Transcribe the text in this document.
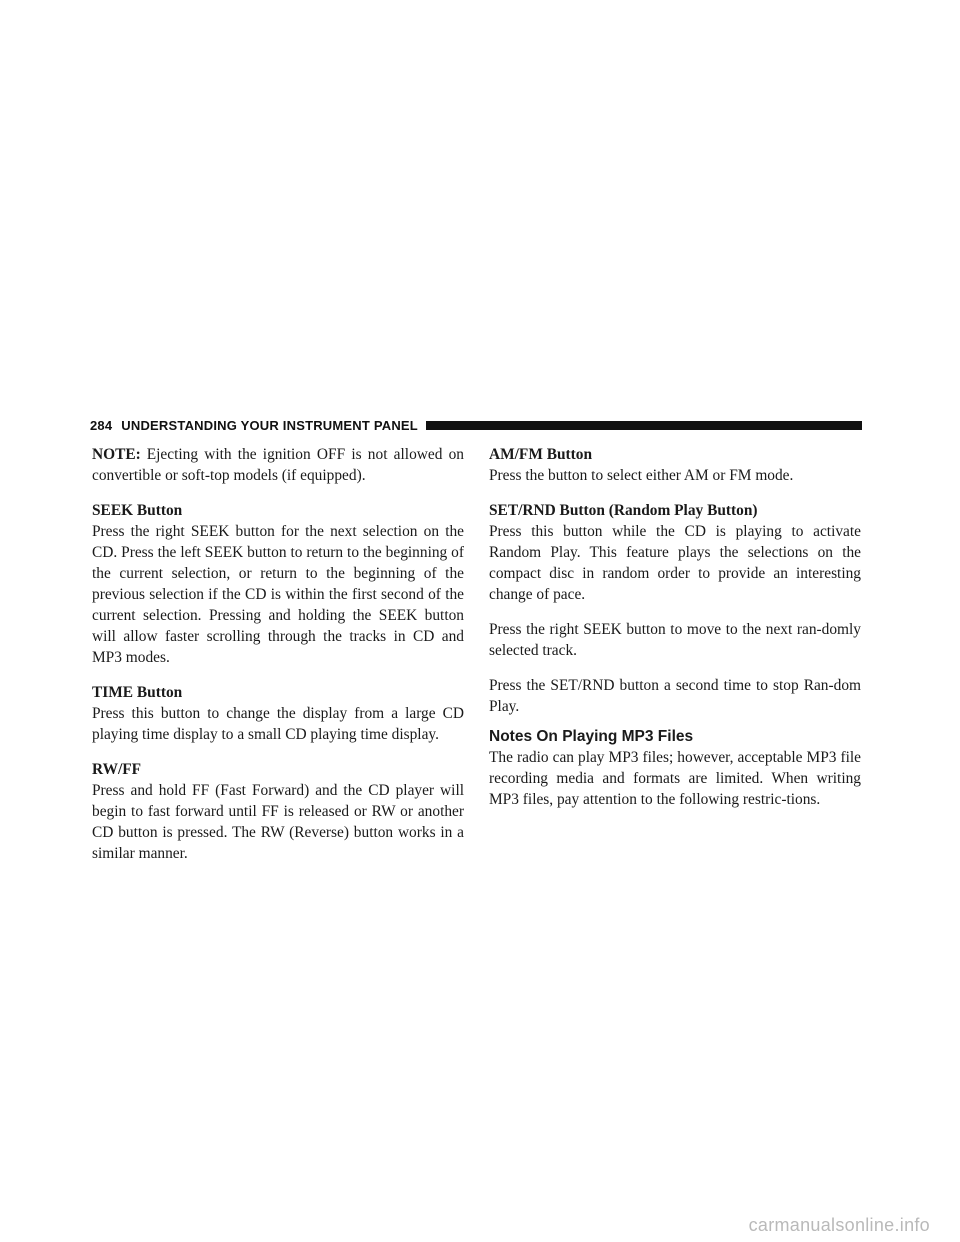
284 UNDERSTANDING YOUR INSTRUMENT PANEL

NOTE: Ejecting with the ignition OFF is not allowed on convertible or soft-top models (if equipped).

SEEK Button

Press the right SEEK button for the next selection on the CD. Press the left SEEK button to return to the beginning of the current selection, or return to the beginning of the previous selection if the CD is within the first second of the current selection. Pressing and holding the SEEK button will allow faster scrolling through the tracks in CD and MP3 modes.

TIME Button

Press this button to change the display from a large CD playing time display to a small CD playing time display.

RW/FF

Press and hold FF (Fast Forward) and the CD player will begin to fast forward until FF is released or RW or another CD button is pressed. The RW (Reverse) button works in a similar manner.

AM/FM Button

Press the button to select either AM or FM mode.

SET/RND Button (Random Play Button)

Press this button while the CD is playing to activate Random Play. This feature plays the selections on the compact disc in random order to provide an interesting change of pace.

Press the right SEEK button to move to the next ran-domly selected track.

Press the SET/RND button a second time to stop Ran-dom Play.

Notes On Playing MP3 Files

The radio can play MP3 files; however, acceptable MP3 file recording media and formats are limited. When writing MP3 files, pay attention to the following restric-tions.

carmanualsonline.info
